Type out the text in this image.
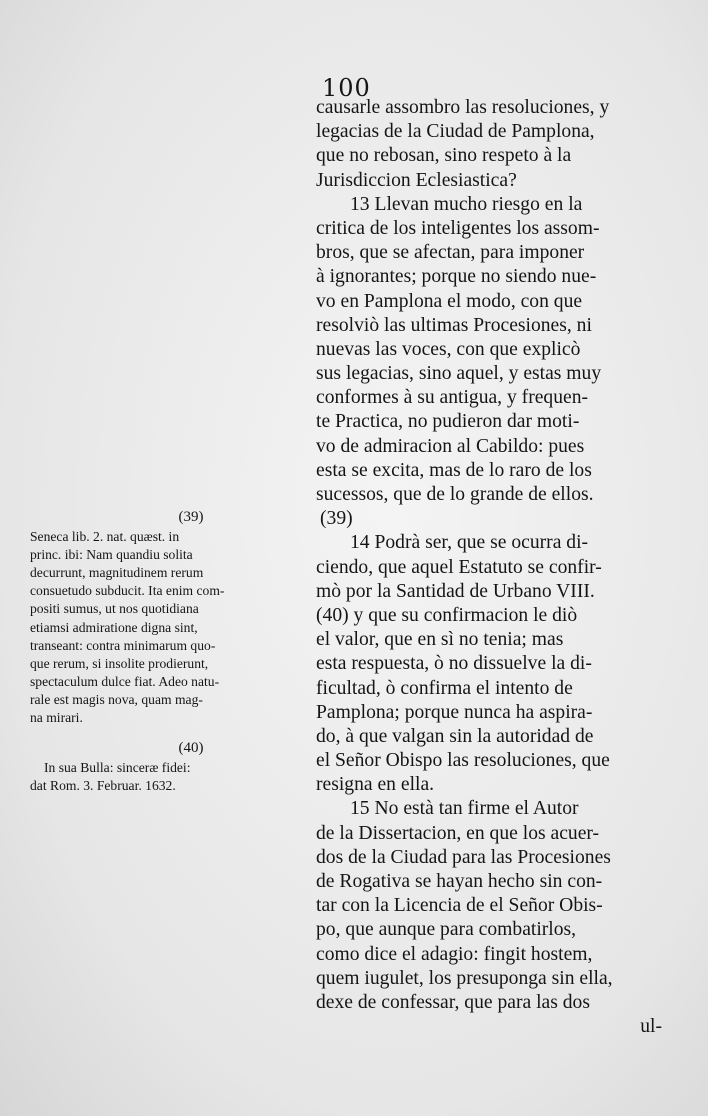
100
causarle assombro las resoluciones, y
legacias de la Ciudad de Pamplona,
que no rebosan, sino respeto à la
Jurisdiccion Eclesiastica?
13 Llevan mucho riesgo en la
critica de los inteligentes los assom-
bros, que se afectan, para imponer
à ignorantes; porque no siendo nue-
vo en Pamplona el modo, con que
resolviò las ultimas Procesiones, ni
nuevas las voces, con que explicò
sus legacias, sino aquel, y estas muy
conformes à su antigua, y frequen-
te Practica, no pudieron dar moti-
vo de admiracion al Cabildo: pues
esta se excita, mas de lo raro de los
sucessos, que de lo grande de ellos.
(39)
14 Podrà ser, que se ocurra di-
ciendo, que aquel Estatuto se confir-
mò por la Santidad de Urbano VIII.
(40) y que su confirmacion le diò
el valor, que en sì no tenia; mas
esta respuesta, ò no dissuelve la di-
ficultad, ò confirma el intento de
Pamplona; porque nunca ha aspira-
do, à que valgan sin la autoridad de
el Señor Obispo las resoluciones, que
resigna en ella.
15 No està tan firme el Autor
de la Dissertacion, en que los acuer-
dos de la Ciudad para las Procesiones
de Rogativa se hayan hecho sin con-
tar con la Licencia de el Señor Obis-
po, que aunque para combatirlos,
como dice el adagio: fingit hostem,
quem iugulet, los presuponga sin ella,
dexe de confessar, que para las dos
ul-
(39)
Seneca lib. 2. nat. quæst. in
princ. ibi: Nam quandiu solita
decurrunt, magnitudinem rerum
consuetudo subducit. Ita enim com-
positi sumus, ut nos quotidiana
etiamsi admiratione digna sint,
transeant: contra minimarum quo-
que rerum, si insolite prodierunt,
spectaculum dulce fiat. Adeo natu-
rale est magis nova, quam mag-
na mirari.
(40)
In sua Bulla: sinceræ fidei:
dat Rom. 3. Februar. 1632.
